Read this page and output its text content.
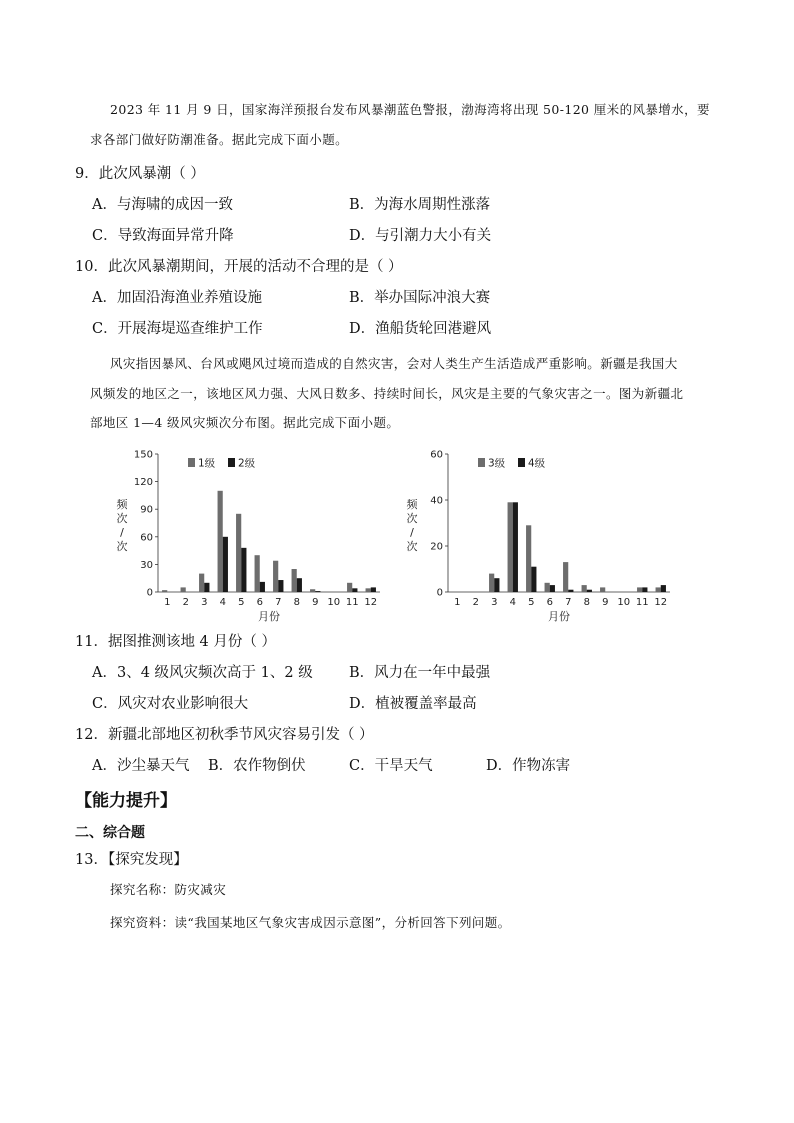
2023 年 11 月 9 日，国家海洋预报台发布风暴潮蓝色警报，渤海湾将出现 50-120 厘米的风暴增水，要
求各部门做好防潮准备。据此完成下面小题。
9．此次风暴潮（ ）
A．与海啸的成因一致	B．为海水周期性涨落
C．导致海面异常升降	D．与引潮力大小有关
10．此次风暴潮期间，开展的活动不合理的是（ ）
A．加固沿海渔业养殖设施	B．举办国际冲浪大赛
C．开展海堤巡查维护工作	D．渔船货轮回港避风
风灾指因暴风、台风或飓风过境而造成的自然灾害，会对人类生产生活造成严重影响。新疆是我国大
风频发的地区之一，该地区风力强、大风日数多、持续时间长，风灾是主要的气象灾害之一。图为新疆北
部地区 1—4 级风灾频次分布图。据此完成下面小题。
0
30
60
90
120
150
频
次
/
次
1 2 3 4 5 6 7 8 9 10 11 12
月份
1级 2级
0
20
40
60
频
次
/
次
1 2 3 4 5 6 7 8 9 10 11 12
月份
3级 4级
11．据图推测该地 4 月份（ ）
A．3、4 级风灾频次高于 1、2 级	B．风力在一年中最强
C．风灾对农业影响很大	D．植被覆盖率最高
12．新疆北部地区初秋季节风灾容易引发（ ）
A．沙尘暴天气 B．农作物倒伏	C．干旱天气	D．作物冻害
【能力提升】
二、综合题
13．【探究发现】
探究名称：防灾减灾
探究资料：读“我国某地区气象灾害成因示意图”，分析回答下列问题。
